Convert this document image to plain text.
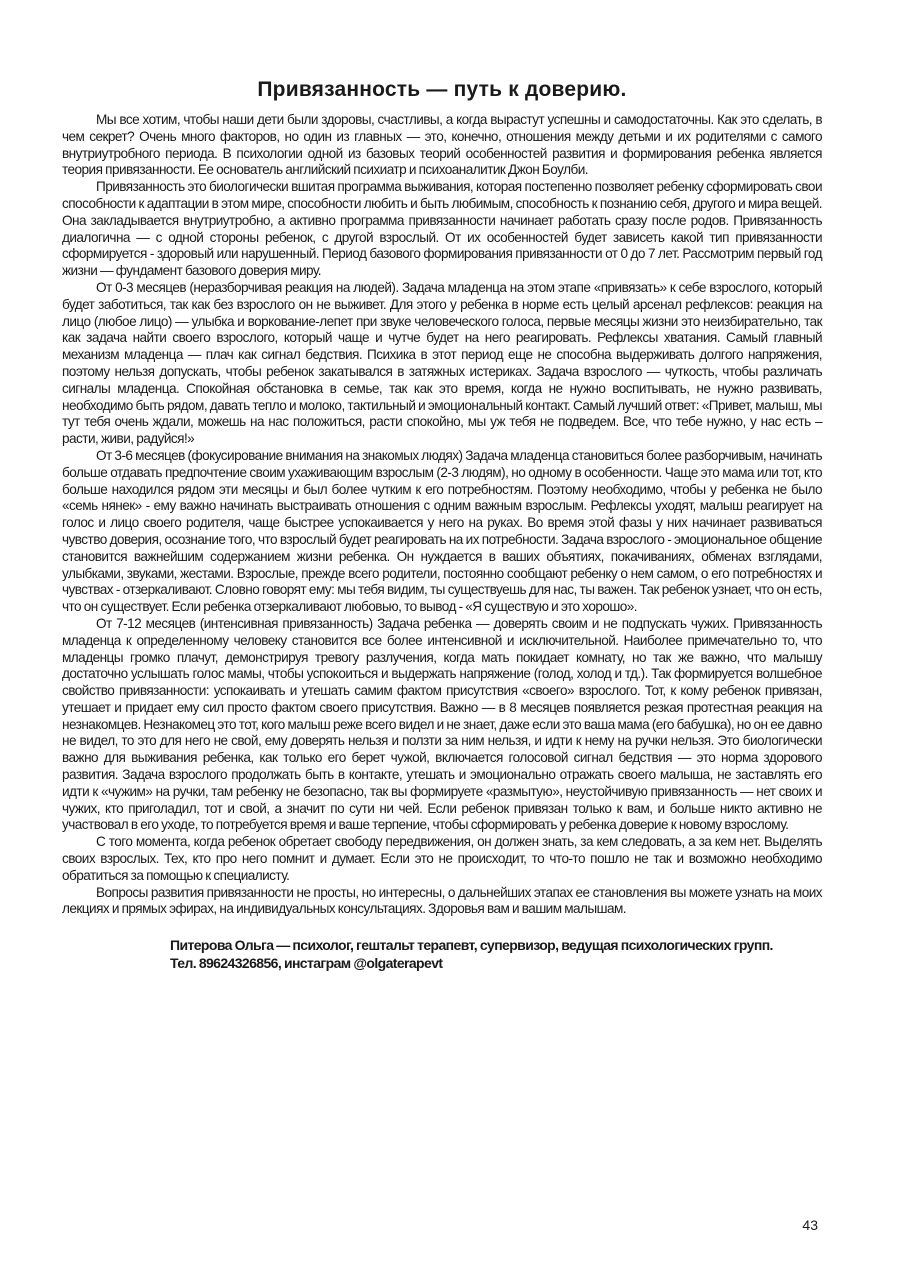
Привязанность — путь к доверию.

Мы все хотим, чтобы наши дети были здоровы, счастливы, а когда вырастут успешны и самодостаточны. Как это сделать, в чем секрет? Очень много факторов, но один из главных — это, конечно, отношения между детьми и их родителями с самого внутриутробного периода. В психологии одной из базовых теорий особенностей развития и формирования ребенка является теория привязанности. Ее основатель английский психиатр и психоаналитик Джон Боулби.

Привязанность это биологически вшитая программа выживания, которая постепенно позволяет ребенку сформировать свои способности к адаптации в этом мире, способности любить и быть любимым, способность к познанию себя, другого и мира вещей. Она закладывается внутриутробно, а активно программа привязанности начинает работать сразу после родов. Привязанность диалогична — с одной стороны ребенок, с другой взрослый. От их особенностей будет зависеть какой тип привязанности сформируется - здоровый или нарушенный. Период базового формирования привязанности от 0 до 7 лет. Рассмотрим первый год жизни — фундамент базового доверия миру.

От 0-3 месяцев (неразборчивая реакция на людей). Задача младенца на этом этапе «привязать» к себе взрослого, который будет заботиться, так как без взрослого он не выживет. Для этого у ребенка в норме есть целый арсенал рефлексов: реакция на лицо (любое лицо) — улыбка и воркование-лепет при звуке человеческого голоса, первые месяцы жизни это неизбирательно, так как задача найти своего взрослого, который чаще и чутче будет на него реагировать. Рефлексы хватания. Самый главный механизм младенца — плач как сигнал бедствия. Психика в этот период еще не способна выдерживать долгого напряжения, поэтому нельзя допускать, чтобы ребенок закатывался в затяжных истериках. Задача взрослого — чуткость, чтобы различать сигналы младенца. Спокойная обстановка в семье, так как это время, когда не нужно воспитывать, не нужно развивать, необходимо быть рядом, давать тепло и молоко, тактильный и эмоциональный контакт. Самый лучший ответ: «Привет, малыш, мы тут тебя очень ждали, можешь на нас положиться, расти спокойно, мы уж тебя не подведем. Все, что тебе нужно, у нас есть – расти, живи, радуйся!»

От 3-6 месяцев (фокусирование внимания на знакомых людях) Задача младенца становиться более разборчивым, начинать больше отдавать предпочтение своим ухаживающим взрослым (2-3 людям), но одному в особенности. Чаще это мама или тот, кто больше находился рядом эти месяцы и был более чутким к его потребностям. Поэтому необходимо, чтобы у ребенка не было «семь нянек» - ему важно начинать выстраивать отношения с одним важным взрослым. Рефлексы уходят, малыш реагирует на голос и лицо своего родителя, чаще быстрее успокаивается у него на руках. Во время этой фазы у них начинает развиваться чувство доверия, осознание того, что взрослый будет реагировать на их потребности. Задача взрослого - эмоциональное общение становится важнейшим содержанием жизни ребенка. Он нуждается в ваших объятиях, покачиваниях, обменах взглядами, улыбками, звуками, жестами. Взрослые, прежде всего родители, постоянно сообщают ребенку о нем самом, о его потребностях и чувствах - отзеркаливают. Словно говорят ему: мы тебя видим, ты существуешь для нас, ты важен. Так ребенок узнает, что он есть, что он существует. Если ребенка отзеркаливают любовью, то вывод - «Я существую и это хорошо».

От 7-12 месяцев (интенсивная привязанность) Задача ребенка — доверять своим и не подпускать чужих. Привязанность младенца к определенному человеку становится все более интенсивной и исключительной. Наиболее примечательно то, что младенцы громко плачут, демонстрируя тревогу разлучения, когда мать покидает комнату, но так же важно, что малышу достаточно услышать голос мамы, чтобы успокоиться и выдержать напряжение (голод, холод и тд.). Так формируется волшебное свойство привязанности: успокаивать и утешать самим фактом присутствия «своего» взрослого. Тот, к кому ребенок привязан, утешает и придает ему сил просто фактом своего присутствия. Важно — в 8 месяцев появляется резкая протестная реакция на незнакомцев. Незнакомец это тот, кого малыш реже всего видел и не знает, даже если это ваша мама (его бабушка), но он ее давно не видел, то это для него не свой, ему доверять нельзя и ползти за ним нельзя, и идти к нему на ручки нельзя. Это биологически важно для выживания ребенка, как только его берет чужой, включается голосовой сигнал бедствия — это норма здорового развития. Задача взрослого продолжать быть в контакте, утешать и эмоционально отражать своего малыша, не заставлять его идти к «чужим» на ручки, там ребенку не безопасно, так вы формируете «размытую», неустойчивую привязанность — нет своих и чужих, кто приголадил, тот и свой, а значит по сути ни чей. Если ребенок привязан только к вам, и больше никто активно не участвовал в его уходе, то потребуется время и ваше терпение, чтобы сформировать у ребенка доверие к новому взрослому.

С того момента, когда ребенок обретает свободу передвижения, он должен знать, за кем следовать, а за кем нет. Выделять своих взрослых. Тех, кто про него помнит и думает. Если это не происходит, то что-то пошло не так и возможно необходимо обратиться за помощью к специалисту.

Вопросы развития привязанности не просты, но интересны, о дальнейших этапах ее становления вы можете узнать на моих лекциях и прямых эфирах, на индивидуальных консультациях. Здоровья вам и вашим малышам.

Питерова Ольга — психолог, гештальт терапевт, супервизор, ведущая психологических групп.
Тел. 89624326856, инстаграм @olgaterapevt
43
